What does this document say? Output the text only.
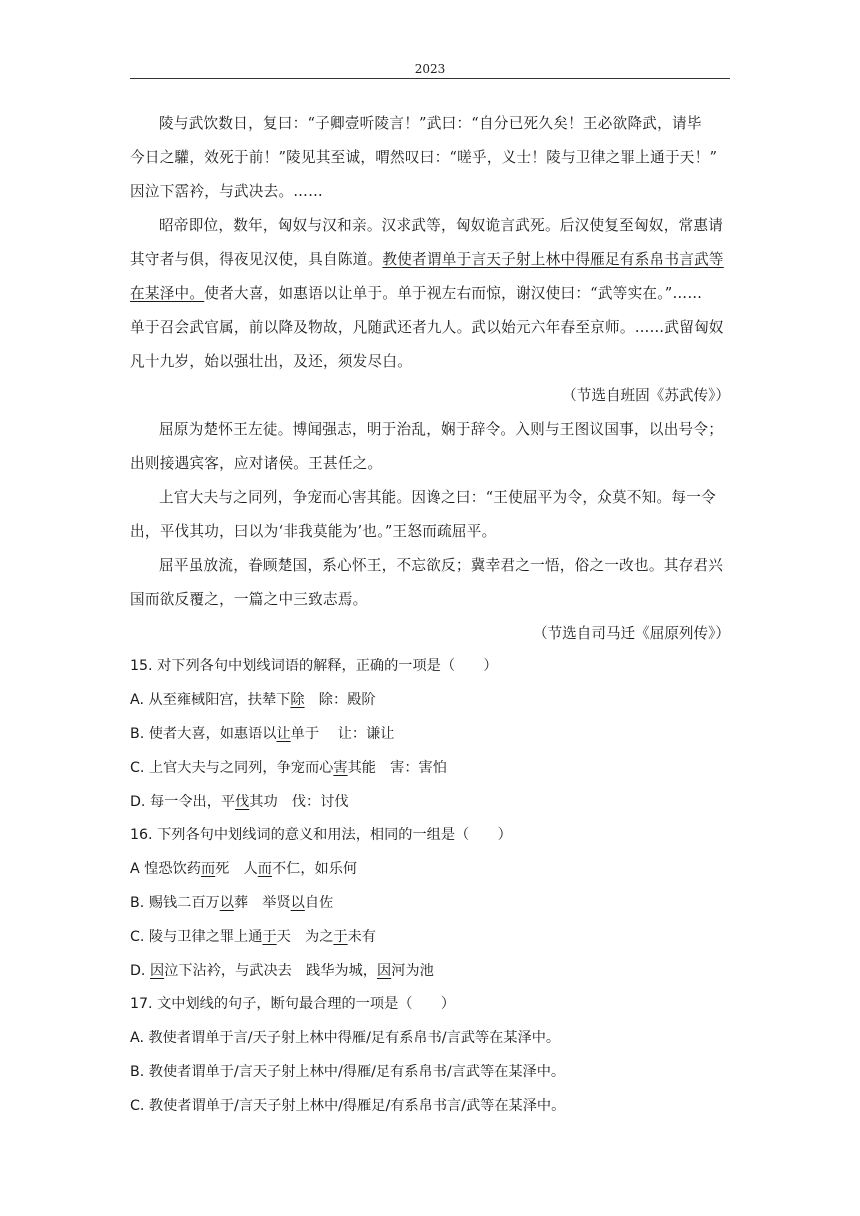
2023
陵与武饮数日，复曰：“子卿壹听陵言！”武曰：“自分已死久矣！王必欲降武，请毕
今日之驩，效死于前！”陵见其至诚，喟然叹曰：“嗟乎，义士！陵与卫律之罪上通于天！”
因泣下霑衿，与武决去。……
昭帝即位，数年，匈奴与汉和亲。汉求武等，匈奴诡言武死。后汉使复至匈奴，常惠请
其守者与俱，得夜见汉使，具自陈道。教使者谓单于言天子射上林中得雁足有系帛书言武等
在某泽中。使者大喜，如惠语以让单于。单于视左右而惊，谢汉使曰：“武等实在。”……
单于召会武官属，前以降及物故，凡随武还者九人。武以始元六年春至京师。……武留匈奴
凡十九岁，始以强壮出，及还，须发尽白。
（节选自班固《苏武传》）
屈原为楚怀王左徒。博闻强志，明于治乱，娴于辞令。入则与王图议国事，以出号令；
出则接遇宾客，应对诸侯。王甚任之。
上官大夫与之同列，争宠而心害其能。因谗之曰：“王使屈平为令，众莫不知。每一令
出，平伐其功，曰以为‘非我莫能为’也。”王怒而疏屈平。
屈平虽放流，眷顾楚国，系心怀王，不忘欲反；冀幸君之一悟，俗之一改也。其存君兴
国而欲反覆之，一篇之中三致志焉。
（节选自司马迁《屈原列传》）
15. 对下列各句中划线词语的解释，正确的一项是（　　）
A. 从至雍棫阳宫，扶辇下除　除：殿阶
B. 使者大喜，如惠语以让单于　 让：谦让
C. 上官大夫与之同列，争宠而心害其能　害：害怕
D. 每一令出，平伐其功　伐：讨伐
16. 下列各句中划线词的意义和用法，相同的一组是（　　）
A 惶恐饮药而死　人而不仁，如乐何
B. 赐钱二百万以葬　举贤以自佐
C. 陵与卫律之罪上通于天　为之于未有
D. 因泣下沾衿，与武决去　践华为城，因河为池
17. 文中划线的句子，断句最合理的一项是（　　）
A. 教使者谓单于言/天子射上林中得雁/足有系帛书/言武等在某泽中。
B. 教使者谓单于/言天子射上林中/得雁/足有系帛书/言武等在某泽中。
C. 教使者谓单于/言天子射上林中/得雁足/有系帛书言/武等在某泽中。
